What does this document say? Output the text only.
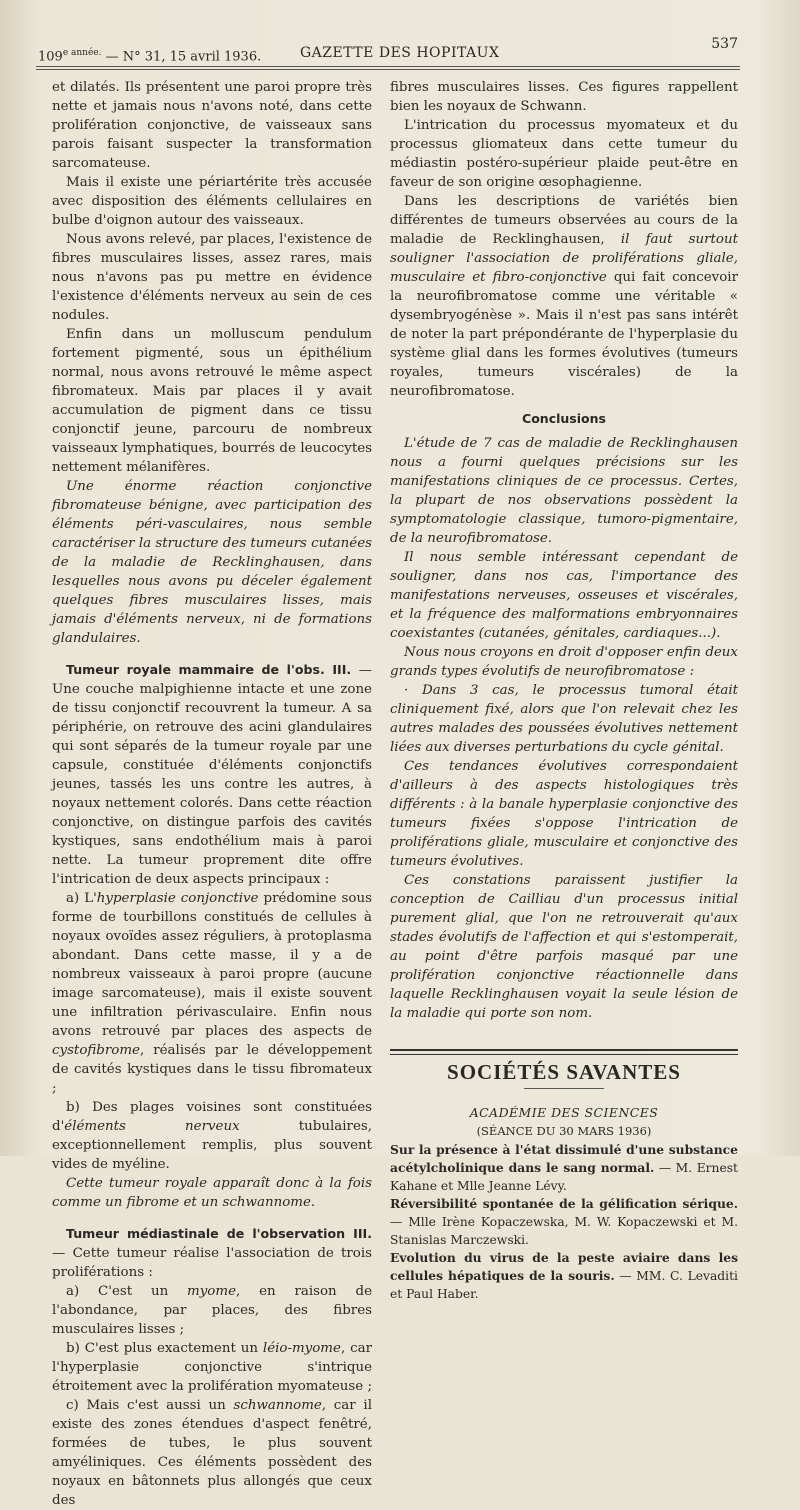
$109^{e année.}$ — N° 31, 15 avril 1936.	GAZETTE DES HOPITAUX
537

et dilatés. Ils présentent une paroi propre très nette et jamais nous n'avons noté, dans cette prolifération conjonctive, de vaisseaux sans parois faisant suspecter la transformation sarcomateuse.

Mais il existe une périartérite très accusée avec disposition des éléments cellulaires en bulbe d'oignon autour des vaisseaux.

Nous avons relevé, par places, l'existence de fibres musculaires lisses, assez rares, mais nous n'avons pas pu mettre en évidence l'existence d'éléments nerveux au sein de ces nodules.

Enfin dans un molluscum pendulum fortement pigmenté, sous un épithélium normal, nous avons retrouvé le même aspect fibromateux. Mais par places il y avait accumulation de pigment dans ce tissu conjonctif jeune, parcouru de nombreux vaisseaux lymphatiques, bourrés de leucocytes nettement mélanifères.

Une énorme réaction conjonctive fibromateuse bénigne, avec participation des éléments péri-vasculaires, nous semble caractériser la structure des tumeurs cutanées de la maladie de Recklinghausen, dans lesquelles nous avons pu déceler également quelques fibres musculaires lisses, mais jamais d'éléments nerveux, ni de formations glandulaires.

Tumeur royale mammaire de l'obs. III. — Une couche malpighienne intacte et une zone de tissu conjonctif recouvrent la tumeur. A sa périphérie, on retrouve des acini glandulaires qui sont séparés de la tumeur royale par une capsule, constituée d'éléments conjonctifs jeunes, tassés les uns contre les autres, à noyaux nettement colorés. Dans cette réaction conjonctive, on distingue parfois des cavités kystiques, sans endothélium mais à paroi nette. La tumeur proprement dite offre l'intrication de deux aspects principaux :

a) L'hyperplasie conjonctive prédomine sous forme de tourbillons constitués de cellules à noyaux ovoïdes assez réguliers, à protoplasma abondant. Dans cette masse, il y a de nombreux vaisseaux à paroi propre (aucune image sarcomateuse), mais il existe souvent une infiltration périvasculaire. Enfin nous avons retrouvé par places des aspects de cystofibrome, réalisés par le développement de cavités kystiques dans le tissu fibromateux ;

b) Des plages voisines sont constituées d'éléments nerveux tubulaires, exceptionnellement remplis, plus souvent vides de myéline.

Cette tumeur royale apparaît donc à la fois comme un fibrome et un schwannome.

Tumeur médiastinale de l'observation III. — Cette tumeur réalise l'association de trois proliférations :

a) C'est un myome, en raison de l'abondance, par places, des fibres musculaires lisses ;

b) C'est plus exactement un léio-myome, car l'hyperplasie conjonctive s'intrique étroitement avec la prolifération myomateuse ;

c) Mais c'est aussi un schwannome, car il existe des zones étendues d'aspect fenêtré, formées de tubes, le plus souvent amyéliniques. Ces éléments possèdent des noyaux en bâtonnets plus allongés que ceux des

fibres musculaires lisses. Ces figures rappellent bien les noyaux de Schwann.

L'intrication du processus myomateux et du processus gliomateux dans cette tumeur du médiastin postéro-supérieur plaide peut-être en faveur de son origine œsophagienne.

Dans les descriptions de variétés bien différentes de tumeurs observées au cours de la maladie de Recklinghausen, il faut surtout souligner l'association de proliférations gliale, musculaire et fibro-conjonctive qui fait concevoir la neurofibromatose comme une véritable « dysembryogénèse ». Mais il n'est pas sans intérêt de noter la part prépondérante de l'hyperplasie du système glial dans les formes évolutives (tumeurs royales, tumeurs viscérales) de la neurofibromatose.

Conclusions

L'étude de 7 cas de maladie de Recklinghausen nous a fourni quelques précisions sur les manifestations cliniques de ce processus. Certes, la plupart de nos observations possèdent la symptomatologie classique, tumoro-pigmentaire, de la neurofibromatose.

Il nous semble intéressant cependant de souligner, dans nos cas, l'importance des manifestations nerveuses, osseuses et viscérales, et la fréquence des malformations embryonnaires coexistantes (cutanées, génitales, cardiaques...).

Nous nous croyons en droit d'opposer enfin deux grands types évolutifs de neurofibromatose :

· Dans 3 cas, le processus tumoral était cliniquement fixé, alors que l'on relevait chez les autres malades des poussées évolutives nettement liées aux diverses perturbations du cycle génital.

Ces tendances évolutives correspondaient d'ailleurs à des aspects histologiques très différents : à la banale hyperplasie conjonctive des tumeurs fixées s'oppose l'intrication de proliférations gliale, musculaire et conjonctive des tumeurs évolutives.

Ces constations paraissent justifier la conception de Cailliau d'un processus initial purement glial, que l'on ne retrouverait qu'aux stades évolutifs de l'affection et qui s'estomperait, au point d'être parfois masqué par une prolifération conjonctive réactionnelle dans laquelle Recklinghausen voyait la seule lésion de la maladie qui porte son nom.

SOCIÉTÉS SAVANTES

ACADÉMIE DES SCIENCES

(SÉANCE DU 30 MARS 1936)

Sur la présence à l'état dissimulé d'une substance acétylcholinique dans le sang normal. — M. Ernest Kahane et Mlle Jeanne Lévy.

Réversibilité spontanée de la gélification sérique. — Mlle Irène Kopaczewska, M. W. Kopaczewski et M. Stanislas Marczewski.

Evolution du virus de la peste aviaire dans les cellules hépatiques de la souris. — MM. C. Levaditi et Paul Haber.
